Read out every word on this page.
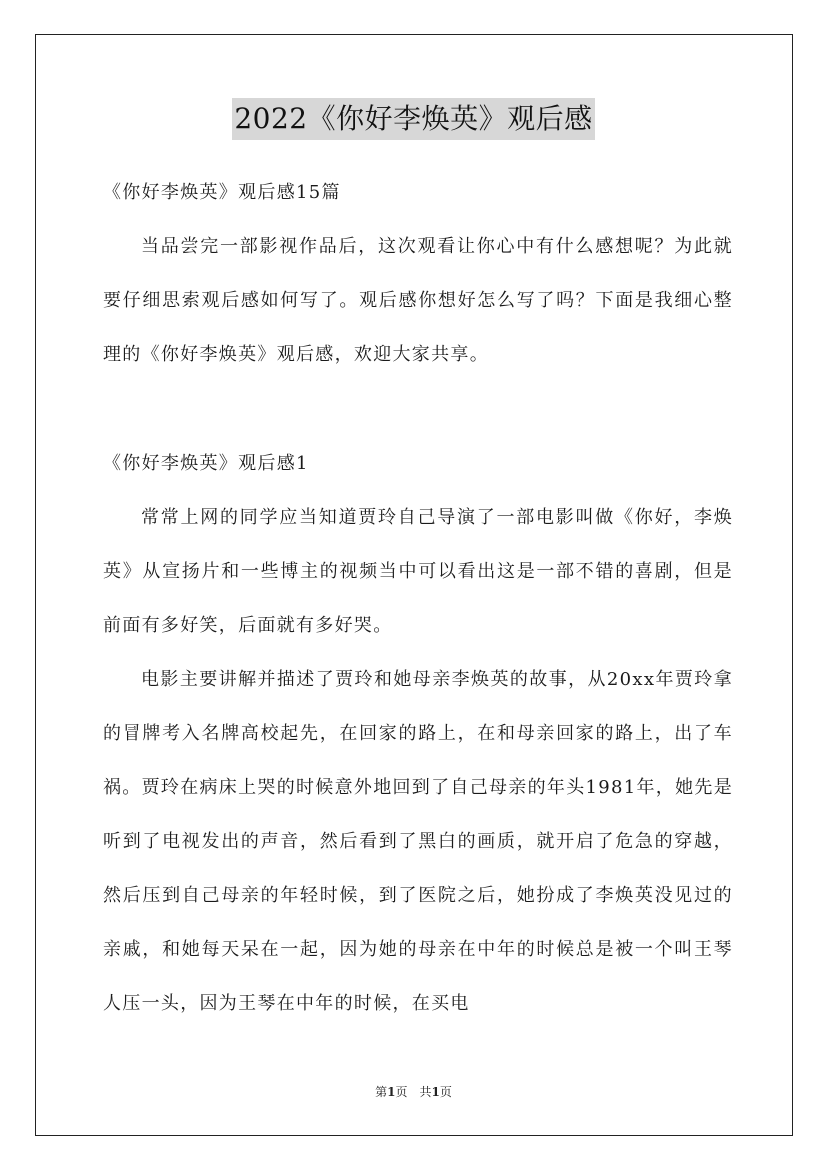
2022《你好李焕英》观后感

《你好李焕英》观后感15篇

当品尝完一部影视作品后，这次观看让你心中有什么感想呢？为此就要仔细思索观后感如何写了。观后感你想好怎么写了吗？下面是我细心整理的《你好李焕英》观后感，欢迎大家共享。

《你好李焕英》观后感1

常常上网的同学应当知道贾玲自己导演了一部电影叫做《你好，李焕英》从宣扬片和一些博主的视频当中可以看出这是一部不错的喜剧，但是前面有多好笑，后面就有多好哭。

电影主要讲解并描述了贾玲和她母亲李焕英的故事，从20xx年贾玲拿的冒牌考入名牌高校起先，在回家的路上，在和母亲回家的路上，出了车祸。贾玲在病床上哭的时候意外地回到了自己母亲的年头1981年，她先是听到了电视发出的声音，然后看到了黑白的画质，就开启了危急的穿越，然后压到自己母亲的年轻时候，到了医院之后，她扮成了李焕英没见过的亲戚，和她每天呆在一起，因为她的母亲在中年的时候总是被一个叫王琴人压一头，因为王琴在中年的时候，在买电

第1页　共1页
